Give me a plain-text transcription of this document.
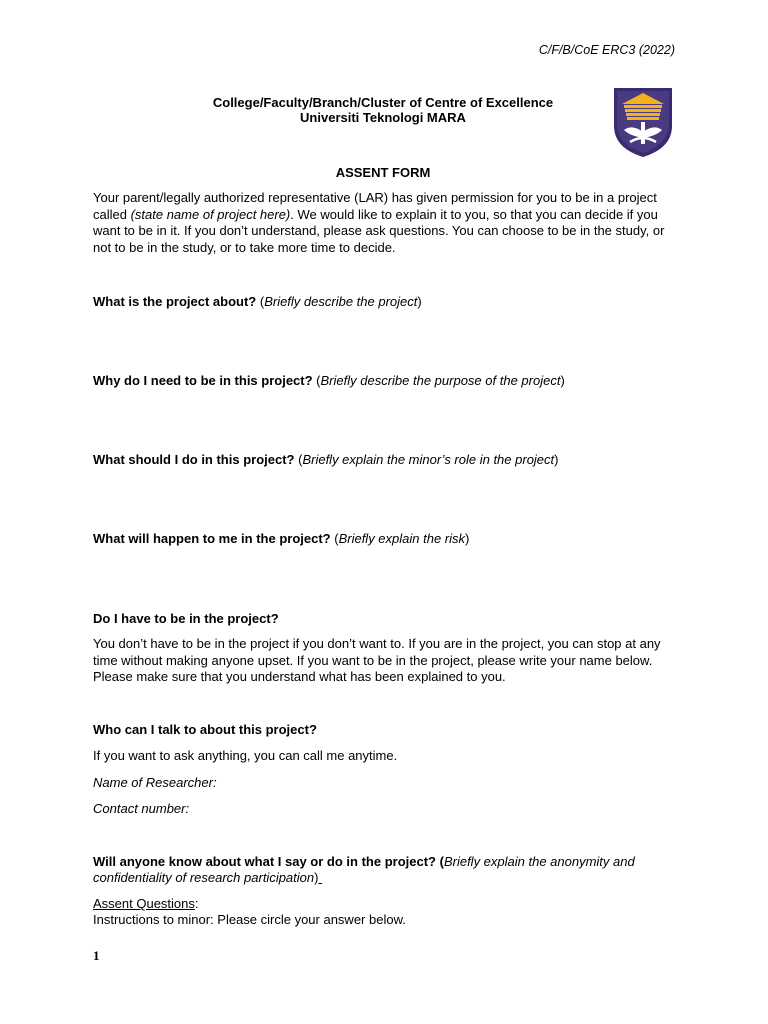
C/F/B/CoE ERC3 (2022)
College/Faculty/Branch/Cluster of Centre of Excellence
Universiti Teknologi MARA
ASSENT FORM
Your parent/legally authorized representative (LAR) has given permission for you to be in a project called (state name of project here). We would like to explain it to you, so that you can decide if you want to be in it. If you don’t understand, please ask questions. You can choose to be in the study, or not to be in the study, or to take more time to decide.
What is the project about? (Briefly describe the project)
Why do I need to be in this project? (Briefly describe the purpose of the project)
What should I do in this project? (Briefly explain the minor’s role in the project)
What will happen to me in the project? (Briefly explain the risk)
Do I have to be in the project?
You don’t have to be in the project if you don’t want to. If you are in the project, you can stop at any time without making anyone upset. If you want to be in the project, please write your name below. Please make sure that you understand what has been explained to you.
Who can I talk to about this project?
If you want to ask anything, you can call me anytime.
Name of Researcher:
Contact number:
Will anyone know about what I say or do in the project? (Briefly explain the anonymity and confidentiality of research participation)
Assent Questions:
Instructions to minor: Please circle your answer below.
1
